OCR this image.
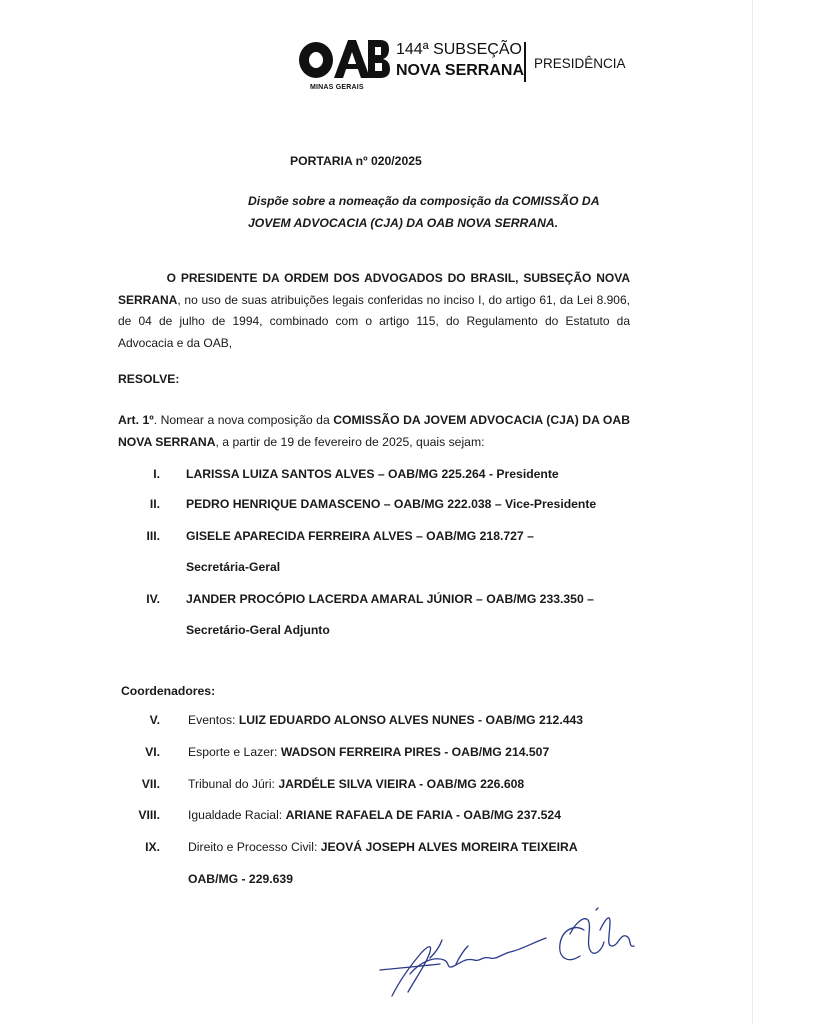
MINAS GERAIS
144ª SUBSEÇÃO
NOVA SERRANA PRESIDÊNCIA
PORTARIA nº 020/2025
Dispõe sobre a nomeação da composição da COMISSÃO DA
JOVEM ADVOCACIA (CJA) DA OAB NOVA SERRANA.
O PRESIDENTE DA ORDEM DOS ADVOGADOS DO BRASIL, SUBSEÇÃO NOVA SERRANA, no uso de suas atribuições legais conferidas no inciso I, do artigo 61, da Lei 8.906, de 04 de julho de 1994, combinado com o artigo 115, do Regulamento do Estatuto da Advocacia e da OAB,
RESOLVE:
Art. 1º. Nomear a nova composição da COMISSÃO DA JOVEM ADVOCACIA (CJA) DA OAB NOVA SERRANA, a partir de 19 de fevereiro de 2025, quais sejam:
I. LARISSA LUIZA SANTOS ALVES – OAB/MG 225.264 - Presidente
II. PEDRO HENRIQUE DAMASCENO – OAB/MG 222.038 – Vice-Presidente
III. GISELE APARECIDA FERREIRA ALVES – OAB/MG 218.727 –
Secretária-Geral
IV. JANDER PROCÓPIO LACERDA AMARAL JÚNIOR – OAB/MG 233.350 –
Secretário-Geral Adjunto
Coordenadores:
V. Eventos: LUIZ EDUARDO ALONSO ALVES NUNES - OAB/MG 212.443
VI. Esporte e Lazer: WADSON FERREIRA PIRES - OAB/MG 214.507
VII. Tribunal do Júri: JARDÉLE SILVA VIEIRA - OAB/MG 226.608
VIII. Igualdade Racial: ARIANE RAFAELA DE FARIA - OAB/MG 237.524
IX. Direito e Processo Civil: JEOVÁ JOSEPH ALVES MOREIRA TEIXEIRA
OAB/MG - 229.639
